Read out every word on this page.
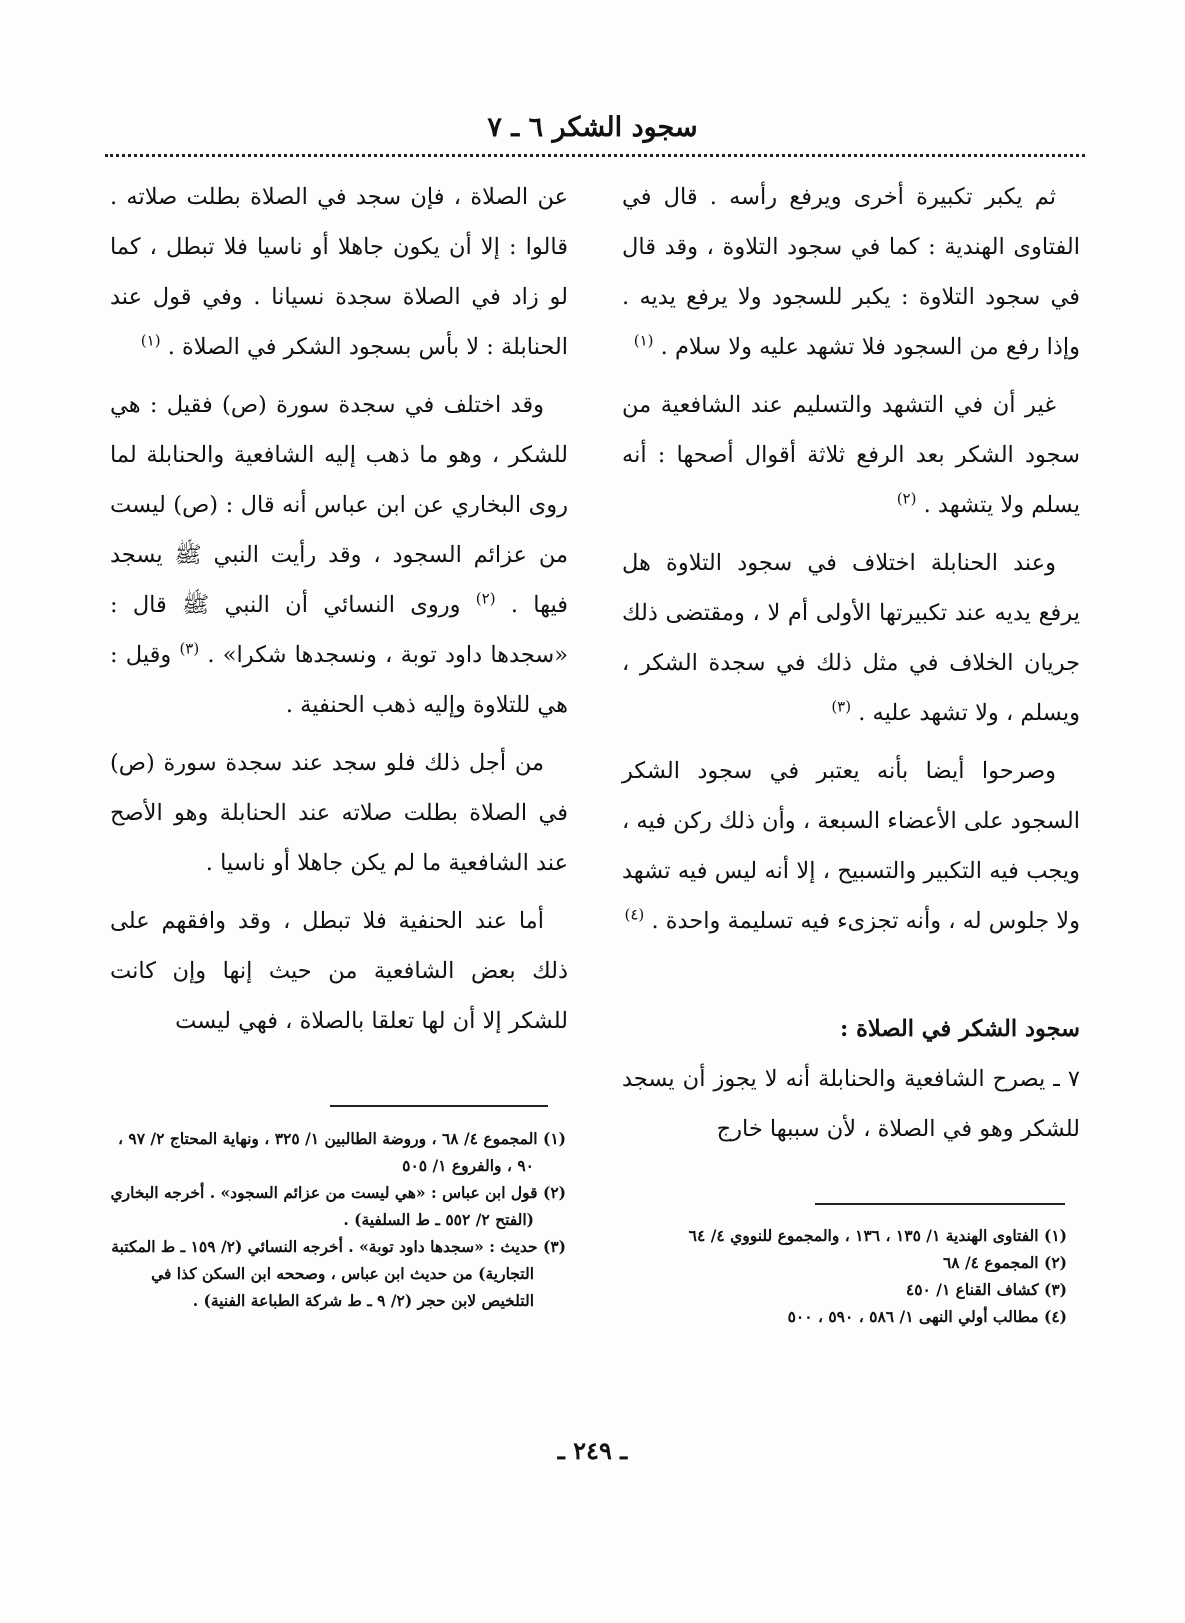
سجود الشكر ٦ ـ ٧

ثم يكبر تكبيرة أخرى ويرفع رأسه . قال في الفتاوى الهندية : كما في سجود التلاوة ، وقد قال في سجود التلاوة : يكبر للسجود ولا يرفع يديه . وإذا رفع من السجود فلا تشهد عليه ولا سلام . $^{(١)}$

غير أن في التشهد والتسليم عند الشافعية من سجود الشكر بعد الرفع ثلاثة أقوال أصحها : أنه يسلم ولا يتشهد . $^{(٢)}$

وعند الحنابلة اختلاف في سجود التلاوة هل يرفع يديه عند تكبيرتها الأولى أم لا ، ومقتضى ذلك جريان الخلاف في مثل ذلك في سجدة الشكر ، ويسلم ، ولا تشهد عليه . $^{(٣)}$

وصرحوا أيضا بأنه يعتبر في سجود الشكر السجود على الأعضاء السبعة ، وأن ذلك ركن فيه ، ويجب فيه التكبير والتسبيح ، إلا أنه ليس فيه تشهد ولا جلوس له ، وأنه تجزىء فيه تسليمة واحدة . $^{(٤)}$

سجود الشكر في الصلاة :

٧ ـ يصرح الشافعية والحنابلة أنه لا يجوز أن يسجد للشكر وهو في الصلاة ، لأن سببها خارج

عن الصلاة ، فإن سجد في الصلاة بطلت صلاته . قالوا : إلا أن يكون جاهلا أو ناسيا فلا تبطل ، كما لو زاد في الصلاة سجدة نسيانا . وفي قول عند الحنابلة : لا بأس بسجود الشكر في الصلاة . $^{(١)}$

وقد اختلف في سجدة سورة (ص) فقيل : هي للشكر ، وهو ما ذهب إليه الشافعية والحنابلة لما روى البخاري عن ابن عباس أنه قال : (ص) ليست من عزائم السجود ، وقد رأيت النبي ﷺ يسجد فيها . $^{(٢)}$ وروى النسائي أن النبي ﷺ قال : «سجدها داود توبة ، ونسجدها شكرا» . $^{(٣)}$ وقيل : هي للتلاوة وإليه ذهب الحنفية .

من أجل ذلك فلو سجد عند سجدة سورة (ص) في الصلاة بطلت صلاته عند الحنابلة وهو الأصح عند الشافعية ما لم يكن جاهلا أو ناسيا .

أما عند الحنفية فلا تبطل ، وقد وافقهم على ذلك بعض الشافعية من حيث إنها وإن كانت للشكر إلا أن لها تعلقا بالصلاة ، فهي ليست

(١) المجموع ٤/ ٦٨ ، وروضة الطالبين ١/ ٣٢٥ ، ونهاية المحتاج ٢/ ٩٧ ، ٩٠ ، والفروع ١/ ٥٠٥

(٢) قول ابن عباس : «هي ليست من عزائم السجود» . أخرجه البخاري (الفتح ٢/ ٥٥٢ ـ ط السلفية) .

(٣) حديث : «سجدها داود توبة» . أخرجه النسائي (٢/ ١٥٩ ـ ط المكتبة التجارية) من حديث ابن عباس ، وصححه ابن السكن كذا في التلخيص لابن حجر (٢/ ٩ ـ ط شركة الطباعة الفنية) .

(١) الفتاوى الهندية ١/ ١٣٥ ، ١٣٦ ، والمجموع للنووي ٤/ ٦٤

(٢) المجموع ٤/ ٦٨

(٣) كشاف القناع ١/ ٤٥٠

(٤) مطالب أولي النهى ١/ ٥٨٦ ، ٥٩٠ ، ٥٠٠

ـ ٢٤٩ ـ
